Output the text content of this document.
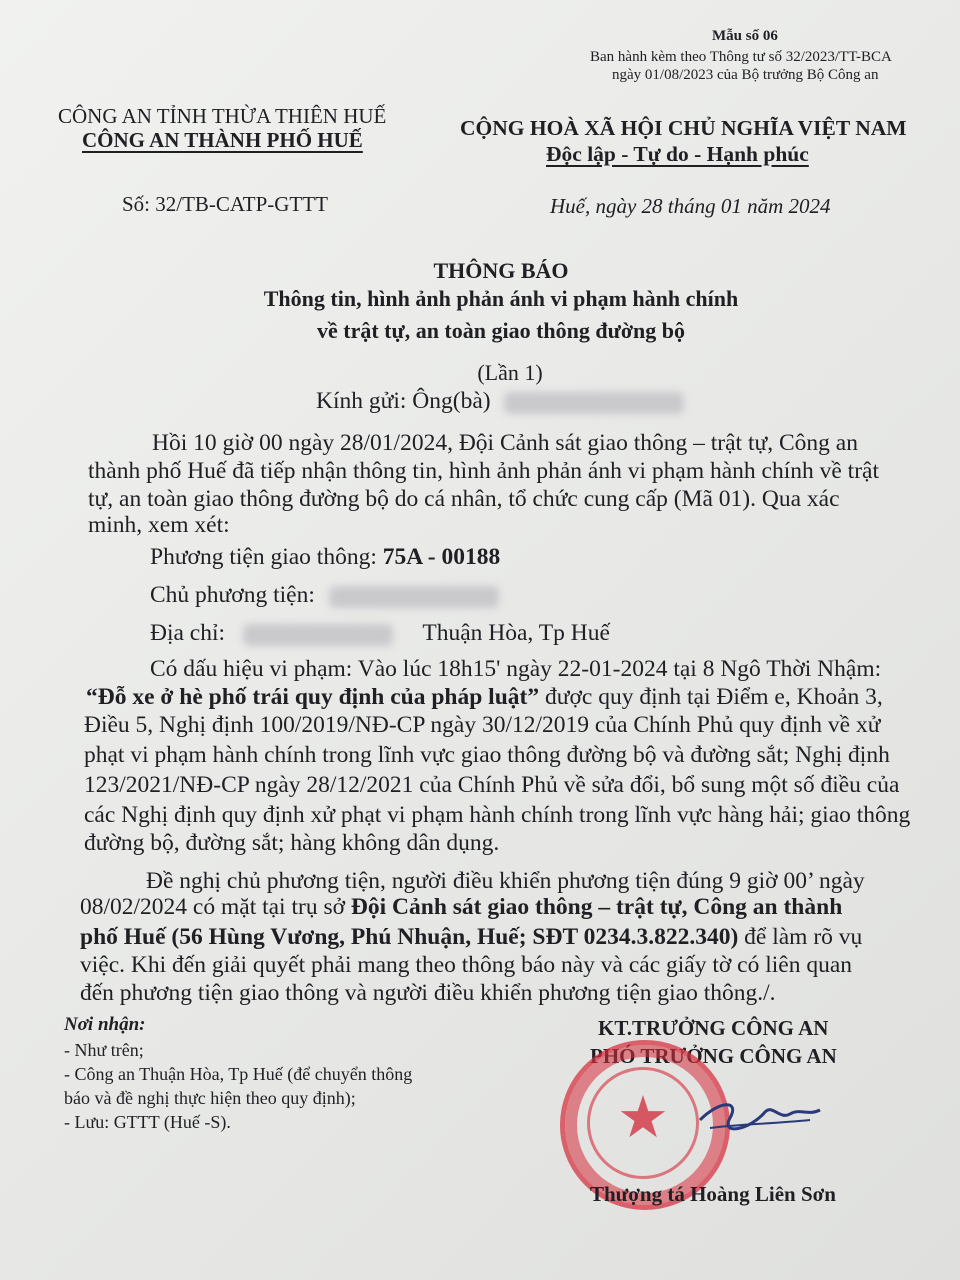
Mẫu số 06
Ban hành kèm theo Thông tư số 32/2023/TT-BCA
ngày 01/08/2023 của Bộ trưởng Bộ Công an
CÔNG AN TỈNH THỪA THIÊN HUẾ
CÔNG AN THÀNH PHỐ HUẾ
Số: 32/TB-CATP-GTTT
CỘNG HOÀ XÃ HỘI CHỦ NGHĨA VIỆT NAM
Độc lập - Tự do - Hạnh phúc
Huế, ngày 28 tháng 01 năm 2024
THÔNG BÁO
Thông tin, hình ảnh phản ánh vi phạm hành chính
về trật tự, an toàn giao thông đường bộ
(Lần 1)
Kính gửi: Ông(bà)
Hồi 10 giờ 00 ngày 28/01/2024, Đội Cảnh sát giao thông – trật tự, Công an
thành phố Huế đã tiếp nhận thông tin, hình ảnh phản ánh vi phạm hành chính về trật
tự, an toàn giao thông đường bộ do cá nhân, tổ chức cung cấp (Mã 01). Qua xác
minh, xem xét:
Phương tiện giao thông: 75A - 00188
Chủ phương tiện:
Địa chỉ:	Thuận Hòa, Tp Huế
Có dấu hiệu vi phạm: Vào lúc 18h15' ngày 22-01-2024 tại 8 Ngô Thời Nhậm:
“Đỗ xe ở hè phố trái quy định của pháp luật” được quy định tại Điểm e, Khoản 3,
Điều 5, Nghị định 100/2019/NĐ-CP ngày 30/12/2019 của Chính Phủ quy định về xử
phạt vi phạm hành chính trong lĩnh vực giao thông đường bộ và đường sắt; Nghị định
123/2021/NĐ-CP ngày 28/12/2021 của Chính Phủ về sửa đổi, bổ sung một số điều của
các Nghị định quy định xử phạt vi phạm hành chính trong lĩnh vực hàng hải; giao thông
đường bộ, đường sắt; hàng không dân dụng.
Đề nghị chủ phương tiện, người điều khiển phương tiện đúng 9 giờ 00’ ngày
08/02/2024 có mặt tại trụ sở Đội Cảnh sát giao thông – trật tự, Công an thành
phố Huế (56 Hùng Vương, Phú Nhuận, Huế; SĐT 0234.3.822.340) để làm rõ vụ
việc. Khi đến giải quyết phải mang theo thông báo này và các giấy tờ có liên quan
đến phương tiện giao thông và người điều khiển phương tiện giao thông./.
Nơi nhận:
- Như trên;
- Công an Thuận Hòa, Tp Huế (để chuyển thông
báo và đề nghị thực hiện theo quy định);
- Lưu: GTTT (Huế -S).
KT.TRƯỞNG CÔNG AN
PHÓ TRƯỞNG CÔNG AN
★
Thượng tá Hoàng Liên Sơn
